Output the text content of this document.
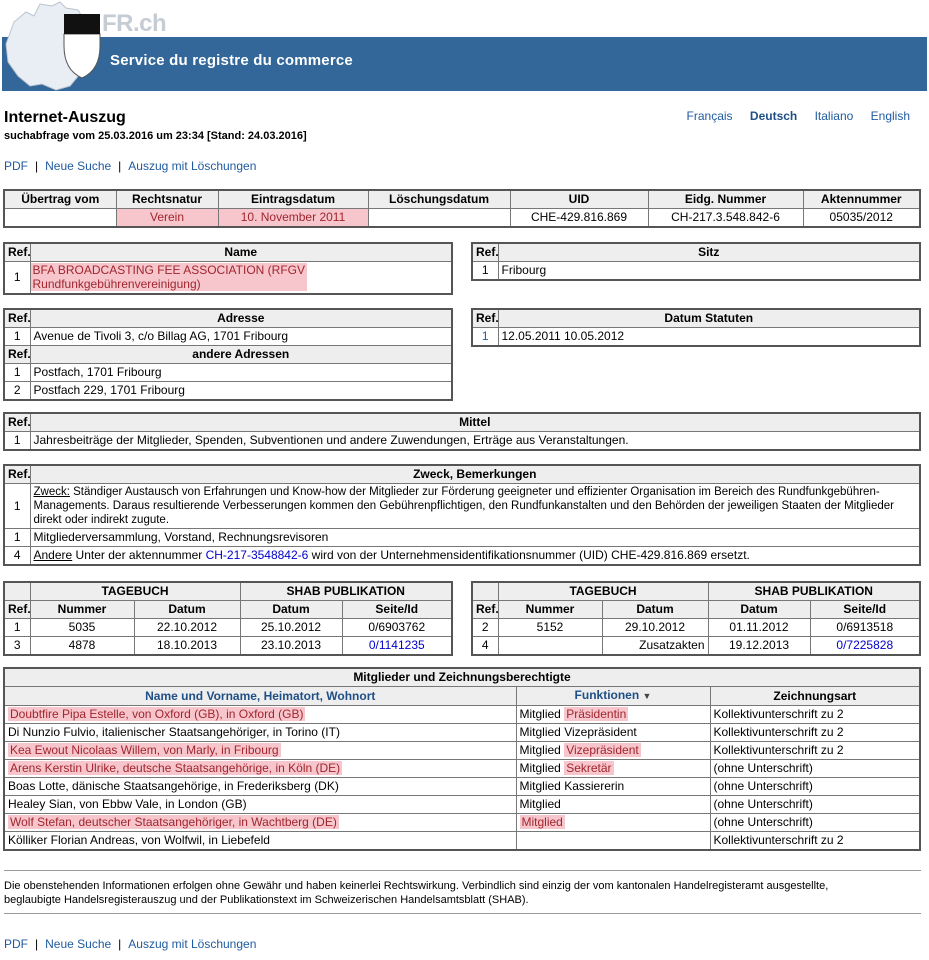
FR.ch
Service du registre du commerce
Internet-Auszug
suchabfrage vom 25.03.2016 um 23:34 [Stand: 24.03.2016]
Français Deutsch Italiano English
PDF | Neue Suche | Auszug mit Löschungen
Übertrag vom	Rechtsnatur	Eintragsdatum	Löschungsdatum	UID	Eidg. Nummer	Aktennummer
	Verein	10. November 2011		CHE-429.816.869	CH-217.3.548.842-6	05035/2012
Ref.	Name
1	BFA BROADCASTING FEE ASSOCIATION (RFGV
Rundfunkgebührenvereinigung)
Ref.	Sitz
1	Fribourg
Ref.	Adresse
1	Avenue de Tivoli 3, c/o Billag AG, 1701 Fribourg
Ref.	andere Adressen
1	Postfach, 1701 Fribourg
2	Postfach 229, 1701 Fribourg
Ref.	Datum Statuten
1	12.05.2011 10.05.2012
Ref.	Mittel
1	Jahresbeiträge der Mitglieder, Spenden, Subventionen und andere Zuwendungen, Erträge aus Veranstaltungen.
Ref.	Zweck, Bemerkungen
1	Zweck: Ständiger Austausch von Erfahrungen und Know-how der Mitglieder zur Förderung geeigneter und effizienter Organisation im Bereich des Rundfunkgebühren-
Managements. Daraus resultierende Verbesserungen kommen den Gebührenpflichtigen, den Rundfunkanstalten und den Behörden der jeweiligen Staaten der Mitglieder
direkt oder indirekt zugute.

1	Mitgliederversammlung, Vorstand, Rechnungsrevisoren
4	Andere Unter der aktennummer CH-217-3548842-6 wird von der Unternehmensidentifikationsnummer (UID) CHE-429.816.869 ersetzt.
	TAGEBUCH		SHAB PUBLIKATION	
Ref.	Nummer	Datum	Datum	Seite/Id
1	5035	22.10.2012	25.10.2012	0/6903762
3	4878	18.10.2013	23.10.2013	0/1141235
	TAGEBUCH		SHAB PUBLIKATION	
Ref.	Nummer	Datum	Datum	Seite/Id
2	5152	29.10.2012	01.11.2012	0/6913518
4		Zusatzakten	19.12.2013	0/7225828
Mitglieder und Zeichnungsberechtigte		
Name und Vorname, Heimatort, Wohnort	Funktionen ▼	Zeichnungsart
Doubtfire Pipa Estelle, von Oxford (GB), in Oxford (GB)	Mitglied Präsidentin	Kollektivunterschrift zu 2
Di Nunzio Fulvio, italienischer Staatsangehöriger, in Torino (IT)	Mitglied Vizepräsident	Kollektivunterschrift zu 2
Kea Ewout Nicolaas Willem, von Marly, in Fribourg	Mitglied Vizepräsident	Kollektivunterschrift zu 2
Arens Kerstin Ulrike, deutsche Staatsangehörige, in Köln (DE)	Mitglied Sekretär	(ohne Unterschrift)
Boas Lotte, dänische Staatsangehörige, in Frederiksberg (DK)	Mitglied Kassiererin	(ohne Unterschrift)
Healey Sian, von Ebbw Vale, in London (GB)	Mitglied	(ohne Unterschrift)
Wolf Stefan, deutscher Staatsangehöriger, in Wachtberg (DE)	Mitglied	(ohne Unterschrift)
Kölliker Florian Andreas, von Wolfwil, in Liebefeld		Kollektivunterschrift zu 2
Die obenstehenden Informationen erfolgen ohne Gewähr und haben keinerlei Rechtswirkung. Verbindlich sind einzig der vom kantonalen Handelregisteramt ausgestellte,
beglaubigte Handelsregisterauszug und der Publikationstext im Schweizerischen Handelsamtsblatt (SHAB).
PDF | Neue Suche | Auszug mit Löschungen
